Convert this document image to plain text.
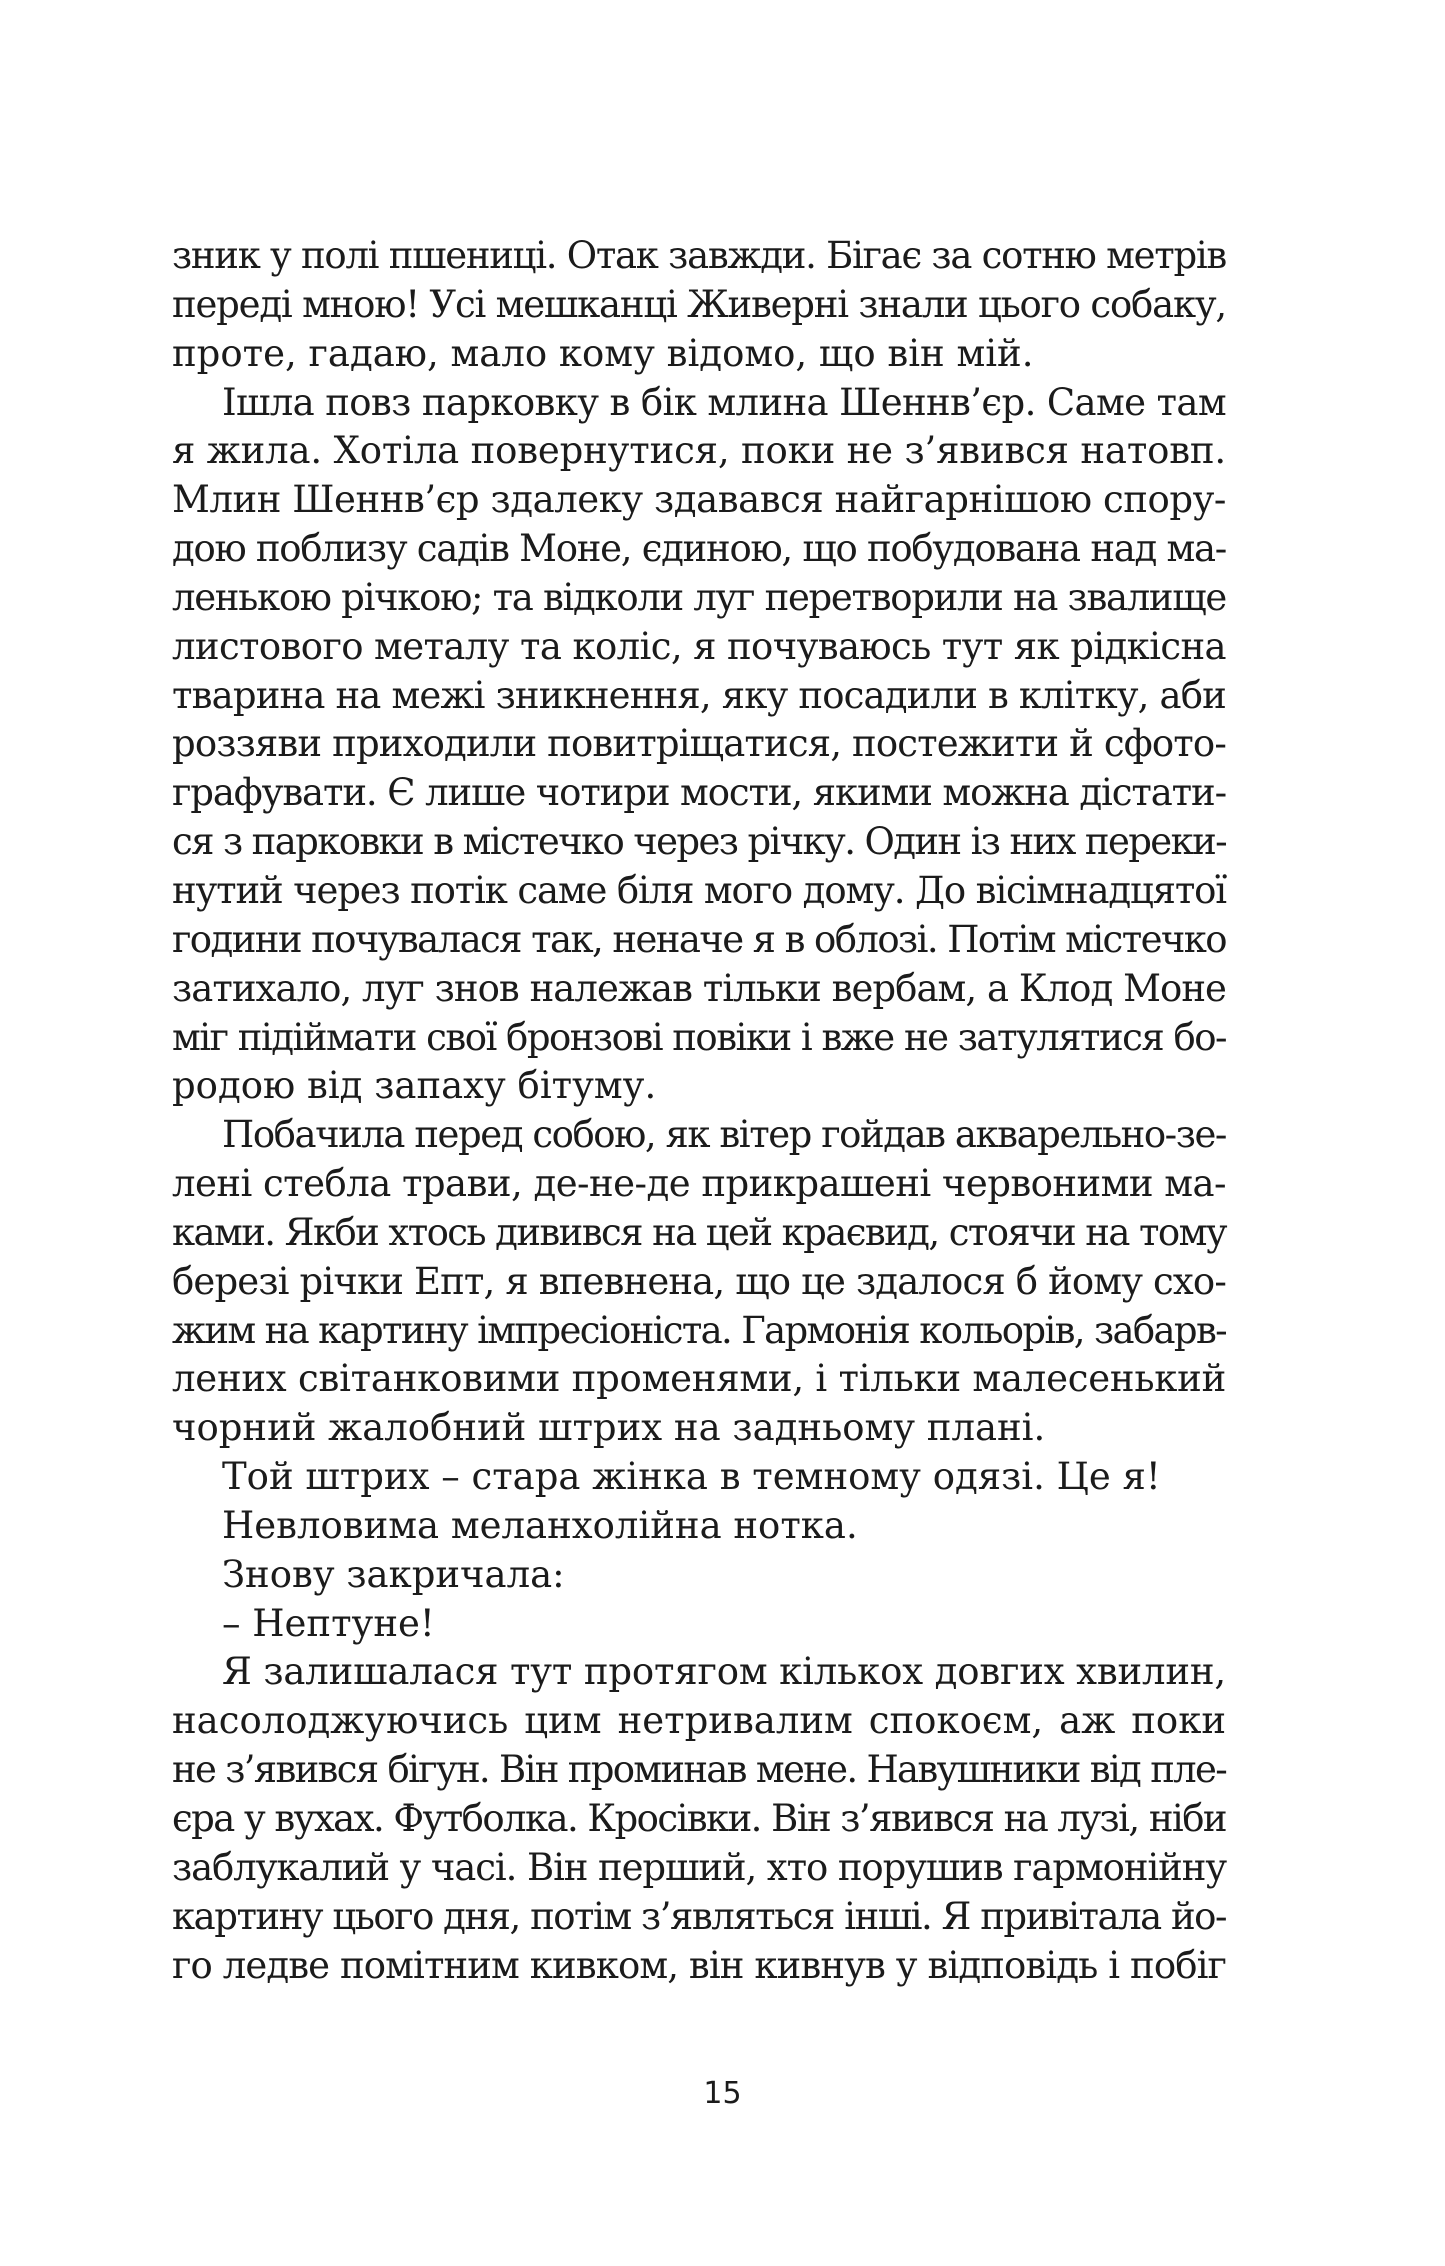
зник у полі пшениці. Отак завжди. Бігає за сотню метрів
переді мною! Усі мешканці Живерні знали цього собаку,
проте, гадаю, мало кому відомо, що він мій.
Ішла повз парковку в бік млина Шеннв’єр. Саме там
я жила. Хотіла повернутися, поки не з’явився натовп.
Млин Шеннв’єр здалеку здавався найгарнішою спору-
дою поблизу садів Моне, єдиною, що побудована над ма-
ленькою річкою; та відколи луг перетворили на звалище
листового металу та коліс, я почуваюсь тут як рідкісна
тварина на межі зникнення, яку посадили в клітку, аби
роззяви приходили повитріщатися, постежити й сфото-
графувати. Є лише чотири мости, якими можна дістати-
ся з парковки в містечко через річку. Один із них переки-
нутий через потік саме біля мого дому. До вісімнадцятої
години почувалася так, неначе я в облозі. Потім містечко
затихало, луг знов належав тільки вербам, а Клод Моне
міг підіймати свої бронзові повіки і вже не затулятися бо-
родою від запаху бітуму.
Побачила перед собою, як вітер гойдав акварельно-зе-
лені стебла трави, де-не-де прикрашені червоними ма-
ками. Якби хтось дивився на цей краєвид, стоячи на тому
березі річки Епт, я впевнена, що це здалося б йому схо-
жим на картину імпресіоніста. Гармонія кольорів, забарв-
лених світанковими променями, і тільки малесенький
чорний жалобний штрих на задньому плані.
Той штрих – стара жінка в темному одязі. Це я!
Невловима меланхолійна нотка.
Знову закричала:
– Нептуне!
Я залишалася тут протягом кількох довгих хвилин,
насолоджуючись цим нетривалим спокоєм, аж поки
не з’явився бігун. Він проминав мене. Навушники від пле-
єра у вухах. Футболка. Кросівки. Він з’явився на лузі, ніби
заблукалий у часі. Він перший, хто порушив гармонійну
картину цього дня, потім з’являться інші. Я привітала йо-
го ледве помітним кивком, він кивнув у відповідь і побіг
15
